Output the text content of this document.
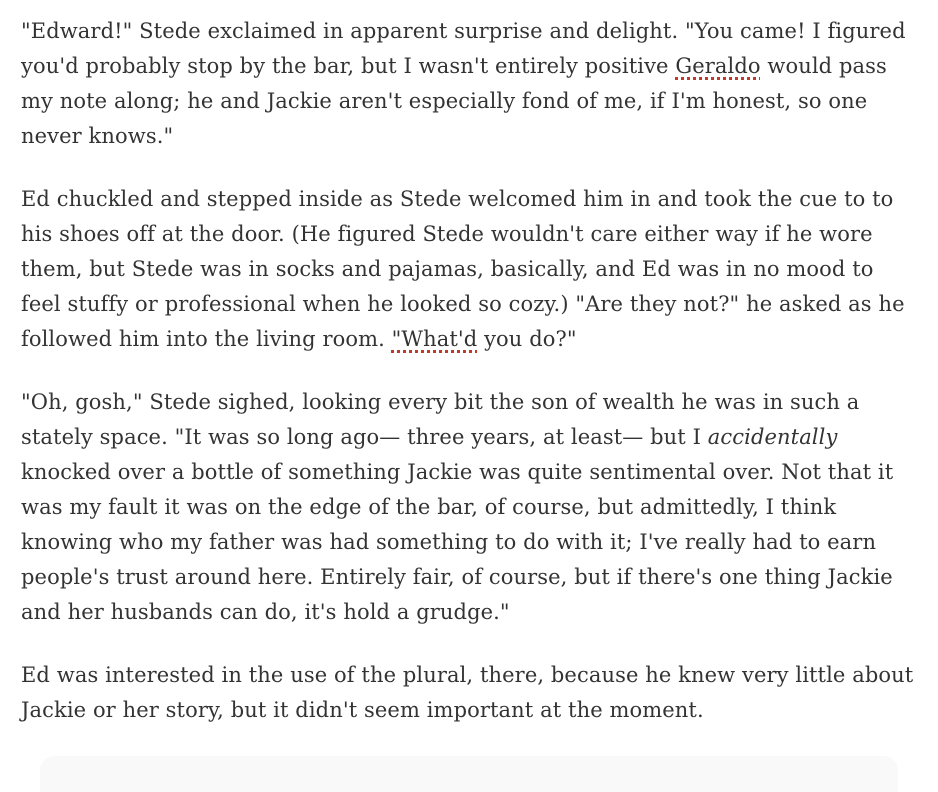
"Edward!" Stede exclaimed in apparent surprise and delight. "You came! I figured you'd probably stop by the bar, but I wasn't entirely positive Geraldo would pass my note along; he and Jackie aren't especially fond of me, if I'm honest, so one never knows."

Ed chuckled and stepped inside as Stede welcomed him in and took the cue to to his shoes off at the door. (He figured Stede wouldn't care either way if he wore them, but Stede was in socks and pajamas, basically, and Ed was in no mood to feel stuffy or professional when he looked so cozy.) "Are they not?" he asked as he followed him into the living room. "What'd you do?"

"Oh, gosh," Stede sighed, looking every bit the son of wealth he was in such a stately space. "It was so long ago— three years, at least— but I accidentally knocked over a bottle of something Jackie was quite sentimental over. Not that it was my fault it was on the edge of the bar, of course, but admittedly, I think knowing who my father was had something to do with it; I've really had to earn people's trust around here. Entirely fair, of course, but if there's one thing Jackie and her husbands can do, it's hold a grudge."

Ed was interested in the use of the plural, there, because he knew very little about Jackie or her story, but it didn't seem important at the moment.
